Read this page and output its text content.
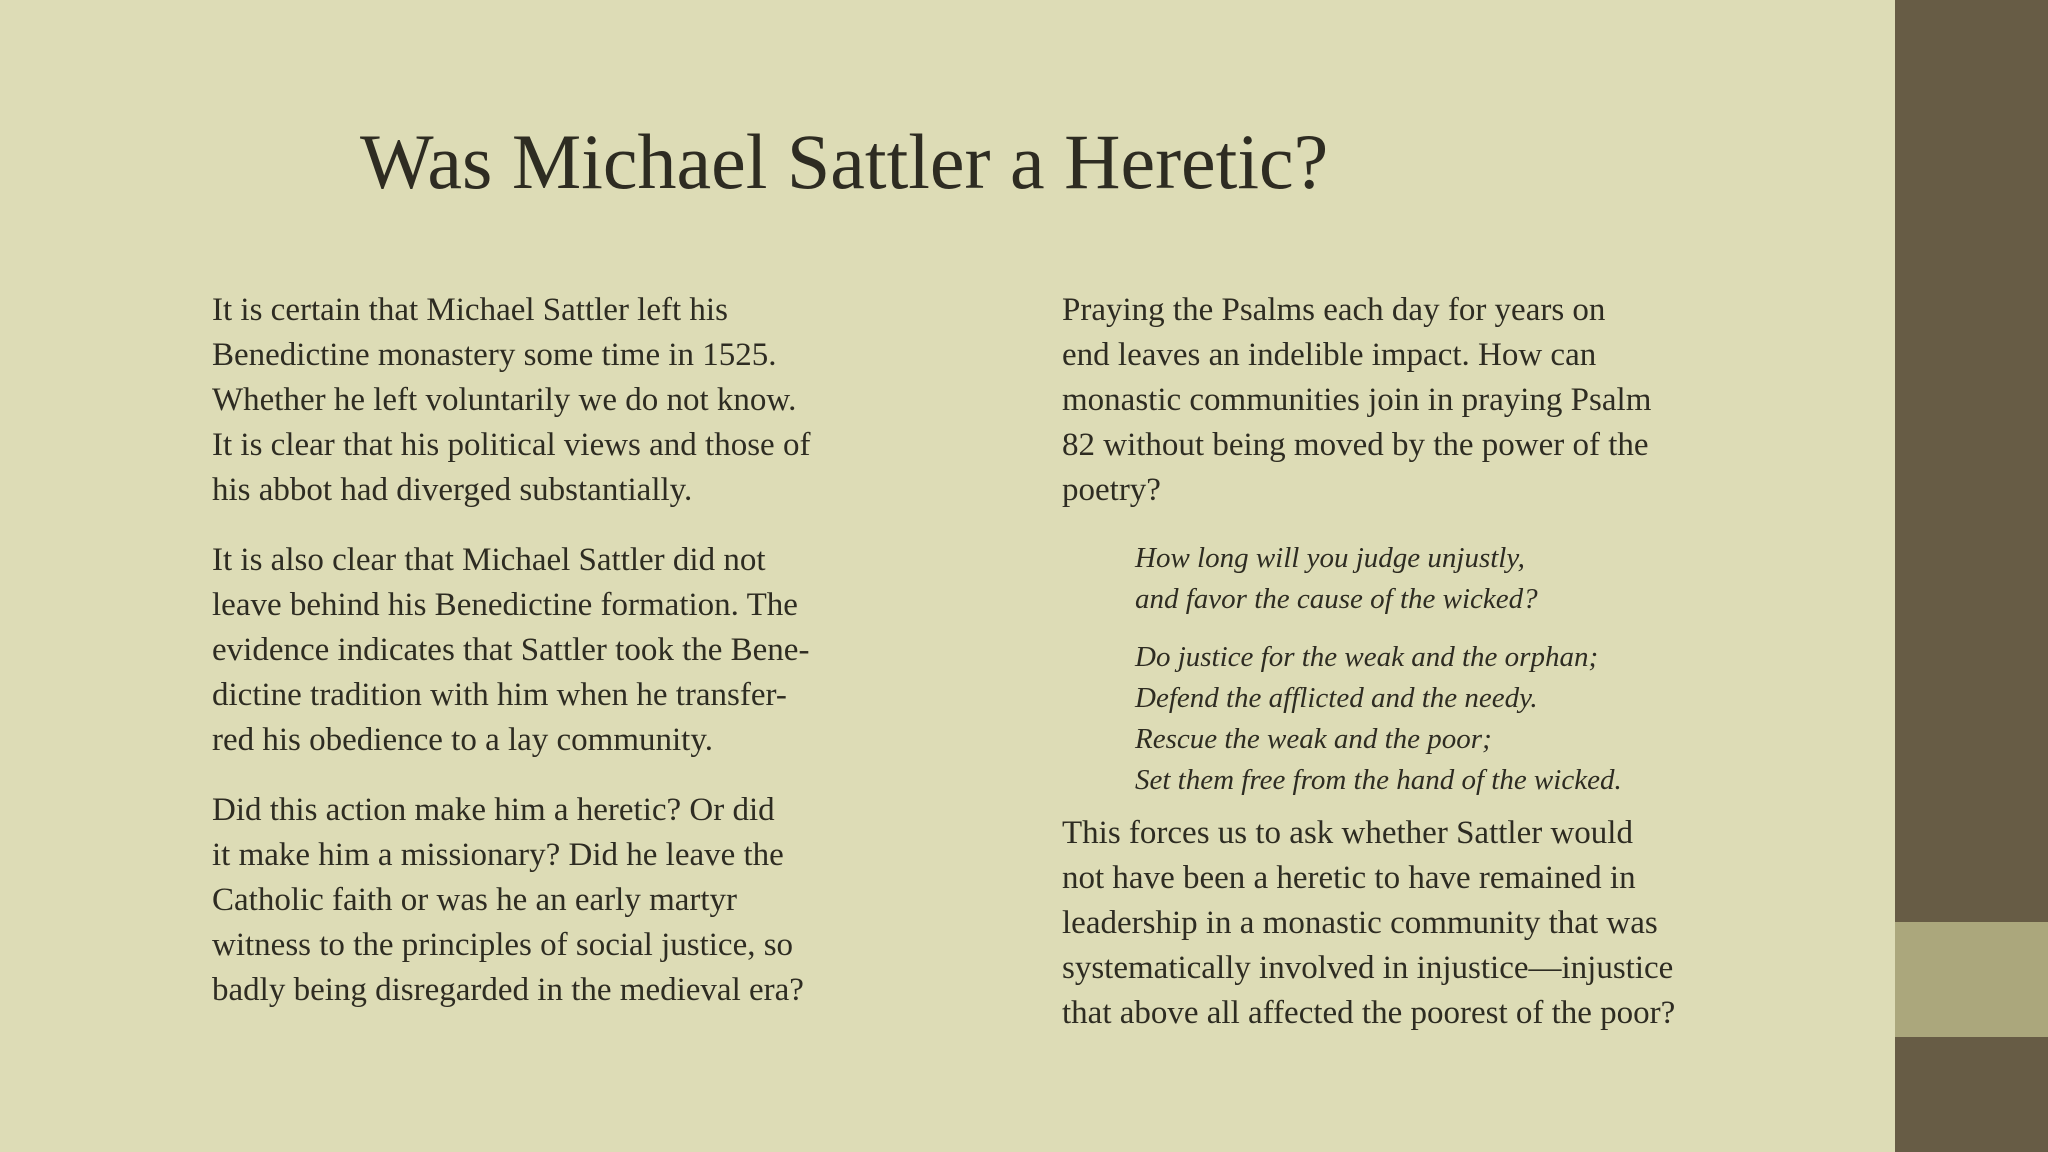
Was Michael Sattler a Heretic?

It is certain that Michael Sattler left his
Benedictine monastery some time in 1525.
Whether he left voluntarily we do not know.
It is clear that his political views and those of
his abbot had diverged substantially.

It is also clear that Michael Sattler did not
leave behind his Benedictine formation. The
evidence indicates that Sattler took the Bene-
dictine tradition with him when he transfer-
red his obedience to a lay community.

Did this action make him a heretic? Or did
it make him a missionary? Did he leave the
Catholic faith or was he an early martyr
witness to the principles of social justice, so
badly being disregarded in the medieval era?

Praying the Psalms each day for years on
end leaves an indelible impact. How can
monastic communities join in praying Psalm
82 without being moved by the power of the
poetry?

How long will you judge unjustly,
and favor the cause of the wicked?
Do justice for the weak and the orphan;
Defend the afflicted and the needy.
Rescue the weak and the poor;
Set them free from the hand of the wicked.

This forces us to ask whether Sattler would
not have been a heretic to have remained in
leadership in a monastic community that was
systematically involved in injustice—injustice
that above all affected the poorest of the poor?
